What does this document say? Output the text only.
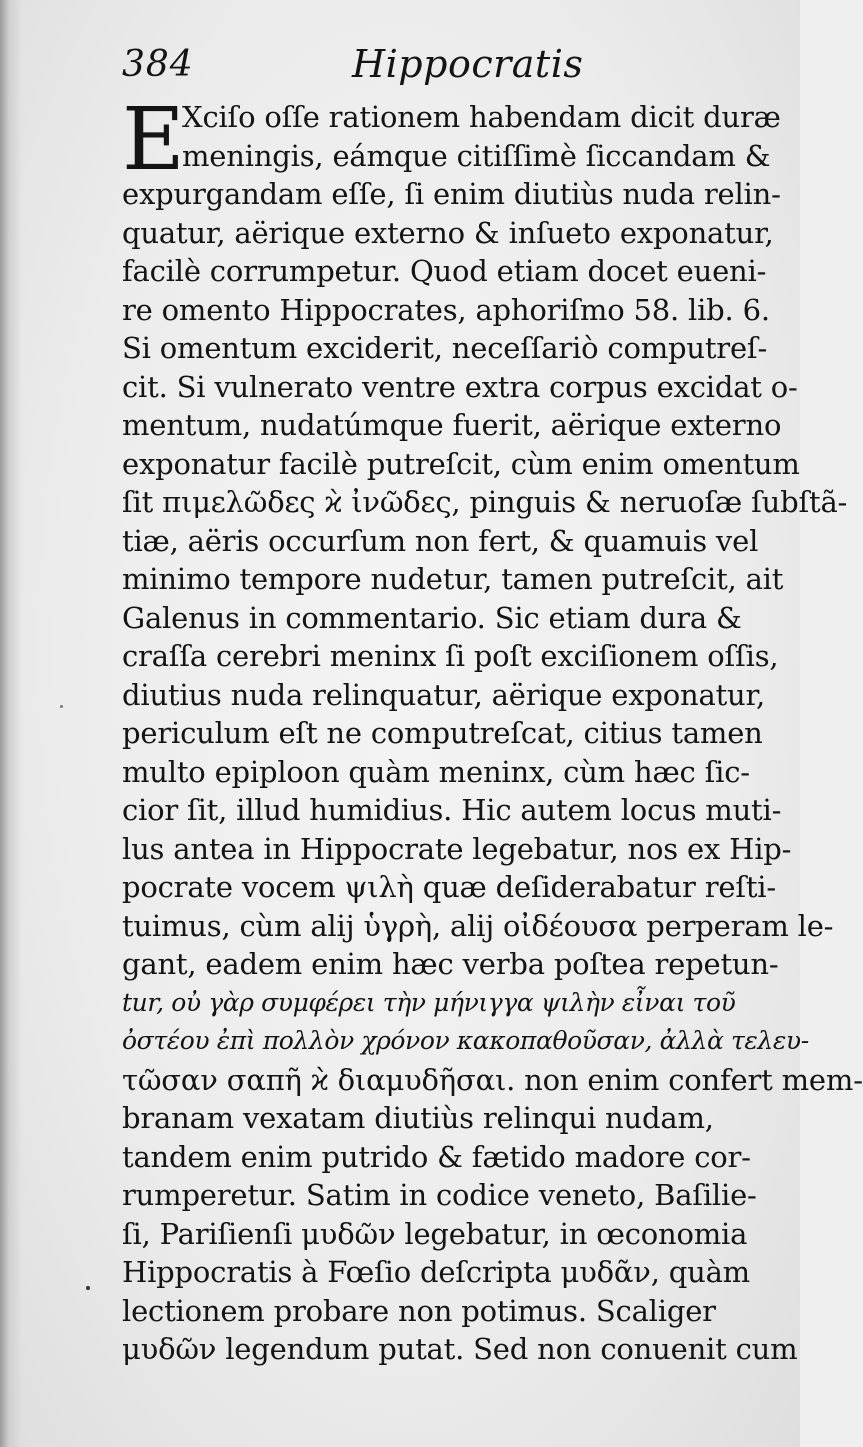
384	Hippocratis
E
Xciſo oſſe rationem habendam dicit duræ
meningis, eámque citiſſimè ſiccandam &
expurgandam eſſe, ſi enim diutiùs nuda relin-
quatur, aërique externo & inſueto exponatur,
facilè corrumpetur. Quod etiam docet eueni-
re omento Hippocrates, aphoriſmo 58. lib. 6.
Si omentum exciderit, neceſſariò computreſ-
cit. Si vulnerato ventre extra corpus excidat o-
mentum, nudatúmque fuerit, aërique externo
exponatur facilè putreſcit, cùm enim omentum
ſit πιμελῶδες ϰ̀ ἰνῶδες, pinguis & neruoſæ ſubſtã-
tiæ, aëris occurſum non fert, & quamuis vel
minimo tempore nudetur, tamen putreſcit, ait
Galenus in commentario. Sic etiam dura &
craſſa cerebri meninx ſi poſt exciſionem oſſis,
diutius nuda relinquatur, aërique exponatur,
periculum eſt ne computreſcat, citius tamen
multo epiploon quàm meninx, cùm hæc ſic-
cior ſit, illud humidius. Hic autem locus muti-
lus antea in Hippocrate legebatur, nos ex Hip-
pocrate vocem ψιλὴ quæ deſiderabatur reſti-
tuimus, cùm alij ὑγρὴ, alij οἰδέουσα perperam le-
gant, eadem enim hæc verba poſtea repetun-
tur, οὐ γὰρ συμφέρει τὴν μήνιγγα ψιλὴν εἶναι τοῦ
ὀστέου ἐπὶ πολλὸν χρόνον κακοπαθοῦσαν, ἀλλὰ τελευ-
τῶσαν σαπῆ ϰ̀ διαμυδῆσαι. non enim confert mem-
branam vexatam diutiùs relinqui nudam,
tandem enim putrido & fætido madore cor-
rumperetur. Satim in codice veneto, Baſilie-
ſi, Pariſienſi μυδῶν legebatur, in œconomia
Hippocratis à Fœſio deſcripta μυδᾶν, quàm
lectionem probare non potimus. Scaliger
μυδῶν legendum putat. Sed non conuenit cum
